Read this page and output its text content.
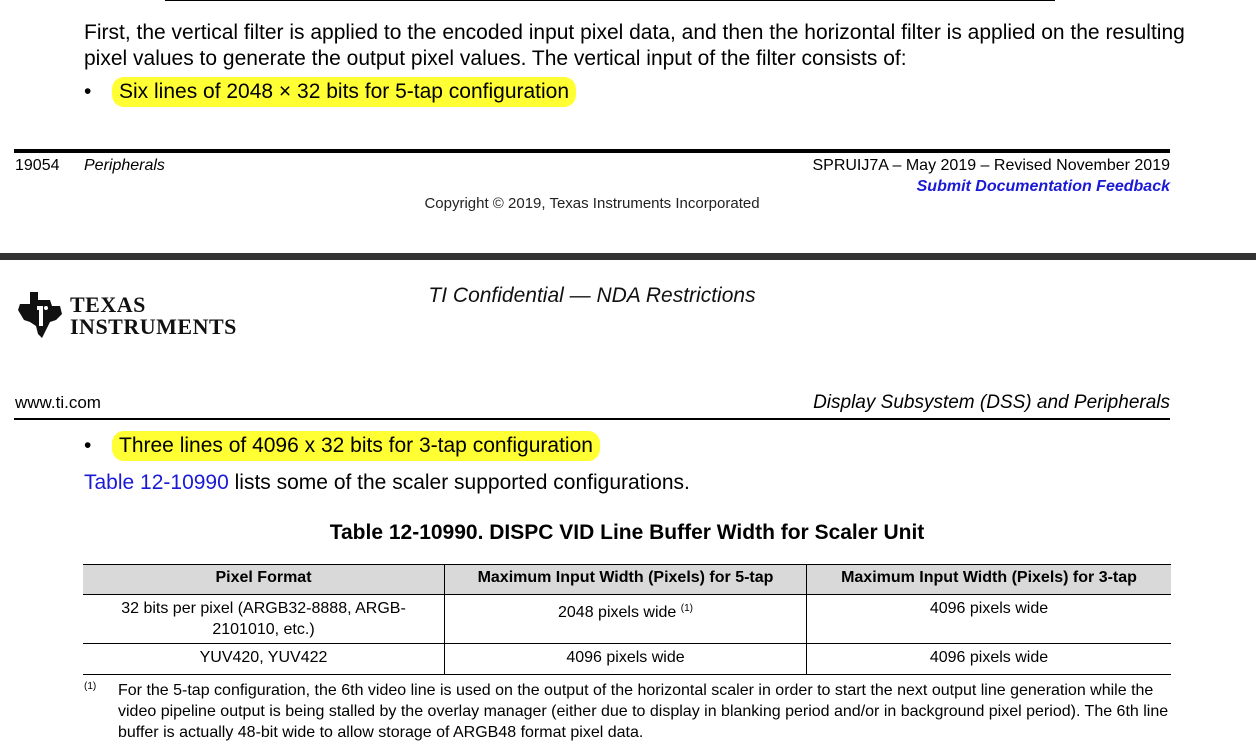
First, the vertical filter is applied to the encoded input pixel data, and then the horizontal filter is applied on the resulting pixel values to generate the output pixel values. The vertical input of the filter consists of:
•	Six lines of 2048 × 32 bits for 5-tap configuration
19054 Peripherals	SPRUIJ7A – May 2019 – Revised November 2019
Submit Documentation Feedback
Copyright © 2019, Texas Instruments Incorporated
TEXAS
INSTRUMENTS
TI Confidential — NDA Restrictions
www.ti.com	Display Subsystem (DSS) and Peripherals
•	Three lines of 4096 x 32 bits for 3-tap configuration
Table 12-10990 lists some of the scaler supported configurations.
Table 12-10990. DISPC VID Line Buffer Width for Scaler Unit
Pixel Format	Maximum Input Width (Pixels) for 5-tap	Maximum Input Width (Pixels) for 3-tap
32 bits per pixel (ARGB32-8888, ARGB-2101010, etc.)	2048 pixels wide $^{(1)}$	4096 pixels wide
YUV420, YUV422	4096 pixels wide	4096 pixels wide
(1) For the 5-tap configuration, the 6th video line is used on the output of the horizontal scaler in order to start the next output line generation while the video pipeline output is being stalled by the overlay manager (either due to display in blanking period and/or in background pixel period). The 6th line buffer is actually 48-bit wide to allow storage of ARGB48 format pixel data.
